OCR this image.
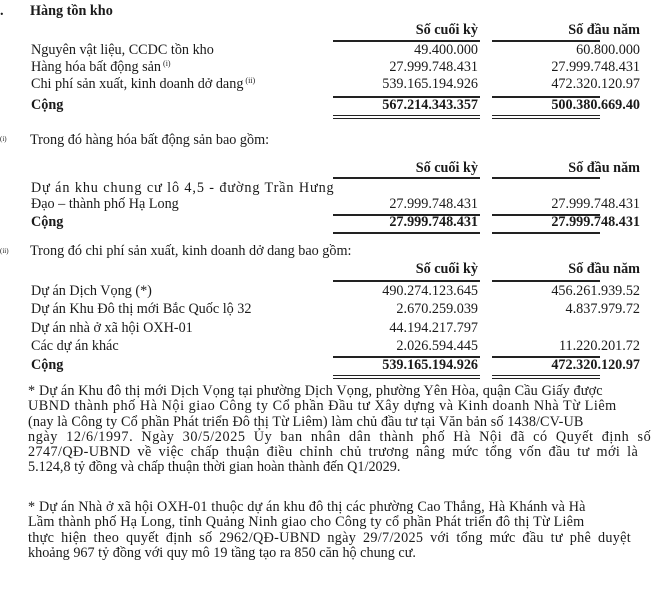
. Hàng tồn kho
Số cuối kỳ	Số đầu năm
Nguyên vật liệu, CCDC tồn kho	49.400.000	60.800.000
Hàng hóa bất động sản $^{(i)}$	27.999.748.431	27.999.748.431
Chi phí sản xuất, kinh doanh dở dang $^{(ii)}$	539.165.194.926	472.320.120.97
Cộng	567.214.343.357	500.380.669.40
(i) Trong đó hàng hóa bất động sản bao gồm:
Số cuối kỳ	Số đầu năm
Dự án khu chung cư lô 4,5 - đường Trần Hưng
Đạo – thành phố Hạ Long	27.999.748.431	27.999.748.431
Cộng	27.999.748.431	27.999.748.431
(ii) Trong đó chi phí sản xuất, kinh doanh dở dang bao gồm:
Số cuối kỳ	Số đầu năm
Dự án Dịch Vọng (*)	490.274.123.645	456.261.939.52
Dự án Khu Đô thị mới Bắc Quốc lộ 32	2.670.259.039	4.837.979.72
Dự án nhà ở xã hội OXH-01	44.194.217.797
Các dự án khác	2.026.594.445	11.220.201.72
Cộng	539.165.194.926	472.320.120.97
* Dự án Khu đô thị mới Dịch Vọng tại phường Dịch Vọng, phường Yên Hòa, quận Cầu Giấy được
UBND thành phố Hà Nội giao Công ty Cổ phần Đầu tư Xây dựng và Kinh doanh Nhà Từ Liêm
(nay là Công ty Cổ phần Phát triển Đô thị Từ Liêm) làm chủ đầu tư tại Văn bản số 1438/CV-UB
ngày 12/6/1997. Ngày 30/5/2025 Ủy ban nhân dân thành phố Hà Nội đã có Quyết định số
2747/QĐ-UBND về việc chấp thuận điều chỉnh chủ trương nâng mức tổng vốn đầu tư mới là
5.124,8 tỷ đồng và chấp thuận thời gian hoàn thành đến Q1/2029.
* Dự án Nhà ở xã hội OXH-01 thuộc dự án khu đô thị các phường Cao Thắng, Hà Khánh và Hà
Lầm thành phố Hạ Long, tỉnh Quảng Ninh giao cho Công ty cổ phần Phát triển đô thị Từ Liêm
thực hiện theo quyết định số 2962/QĐ-UBND ngày 29/7/2025 với tổng mức đầu tư phê duyệt
khoảng 967 tỷ đồng với quy mô 19 tầng tạo ra 850 căn hộ chung cư.
